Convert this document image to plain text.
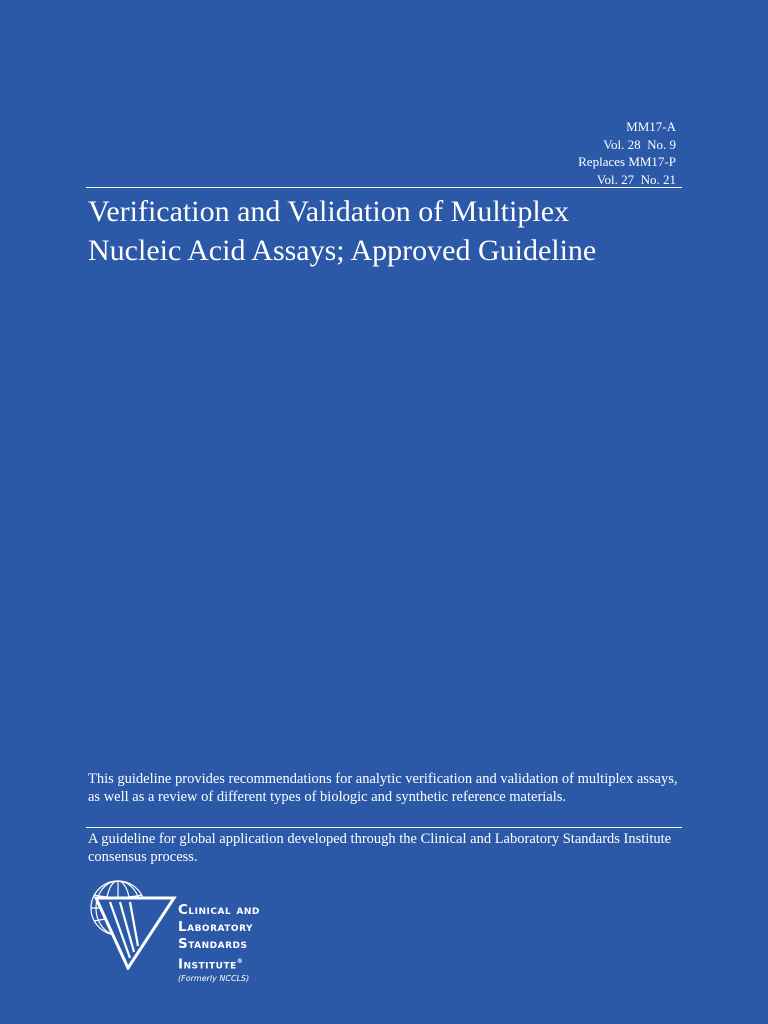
MM17-A
Vol. 28  No. 9
Replaces MM17-P
Vol. 27  No. 21
Verification and Validation of Multiplex
Nucleic Acid Assays; Approved Guideline
This guideline provides recommendations for analytic verification and validation of multiplex assays, as well as a review of different types of biologic and synthetic reference materials.
A guideline for global application developed through the Clinical and Laboratory Standards Institute consensus process.
Clinical and
Laboratory
Standards
Institute®
(Formerly NCCLS)
